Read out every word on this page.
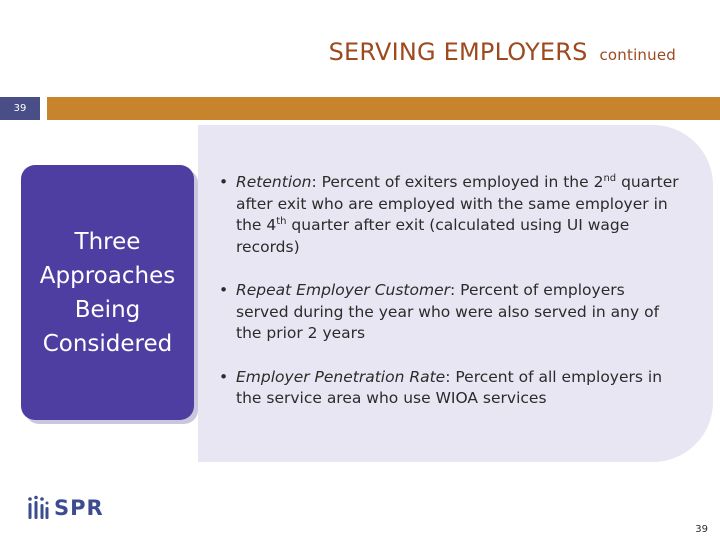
SERVING EMPLOYERS continued
39
Three
Approaches
Being
Considered
• Retention: Percent of exiters employed in the 2nd quarter after exit who are employed with the same employer in the 4th quarter after exit (calculated using UI wage records)
• Repeat Employer Customer: Percent of employers served during the year who were also served in any of the prior 2 years
• Employer Penetration Rate: Percent of all employers in the service area who use WIOA services
SPR
39
